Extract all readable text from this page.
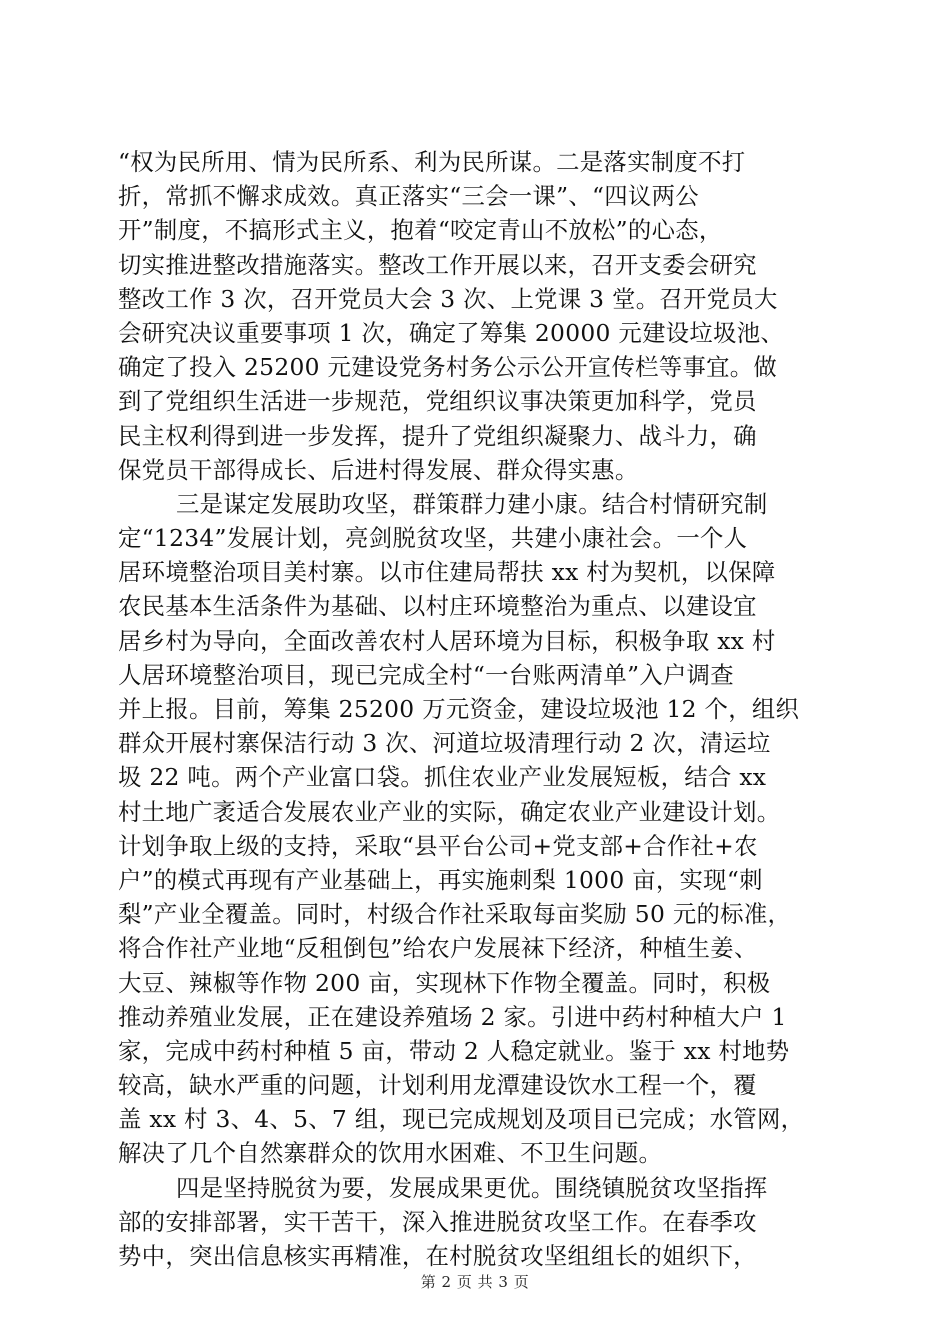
“权为民所用、情为民所系、利为民所谋。二是落实制度不打
折，常抓不懈求成效。真正落实“三会一课”、“四议两公
开”制度，不搞形式主义，抱着“咬定青山不放松”的心态，
切实推进整改措施落实。整改工作开展以来，召开支委会研究
整改工作 3 次，召开党员大会 3 次、上党课 3 堂。召开党员大
会研究决议重要事项 1 次，确定了筹集 20000 元建设垃圾池、
确定了投入 25200 元建设党务村务公示公开宣传栏等事宜。做
到了党组织生活进一步规范，党组织议事决策更加科学，党员
民主权利得到进一步发挥，提升了党组织凝聚力、战斗力，确
保党员干部得成长、后进村得发展、群众得实惠。
三是谋定发展助攻坚，群策群力建小康。结合村情研究制
定“1234”发展计划，亮剑脱贫攻坚，共建小康社会。一个人
居环境整治项目美村寨。以市住建局帮扶 xx 村为契机，以保障
农民基本生活条件为基础、以村庄环境整治为重点、以建设宜
居乡村为导向，全面改善农村人居环境为目标，积极争取 xx 村
人居环境整治项目，现已完成全村“一台账两清单”入户调查
并上报。目前，筹集 25200 万元资金，建设垃圾池 12 个，组织
群众开展村寨保洁行动 3 次、河道垃圾清理行动 2 次，清运垃
圾 22 吨。两个产业富口袋。抓住农业产业发展短板，结合 xx
村土地广袤适合发展农业产业的实际，确定农业产业建设计划。
计划争取上级的支持，采取“县平台公司+党支部+合作社+农
户”的模式再现有产业基础上，再实施刺梨 1000 亩，实现“刺
梨”产业全覆盖。同时，村级合作社采取每亩奖励 50 元的标准，
将合作社产业地“反租倒包”给农户发展袜下经济，种植生姜、
大豆、辣椒等作物 200 亩，实现林下作物全覆盖。同时，积极
推动养殖业发展，正在建设养殖场 2 家。引进中药村种植大户 1
家，完成中药村种植 5 亩，带动 2 人稳定就业。鉴于 xx 村地势
较高，缺水严重的问题，计划利用龙潭建设饮水工程一个，覆
盖 xx 村 3、4、5、7 组，现已完成规划及项目已完成；水管网，
解决了几个自然寨群众的饮用水困难、不卫生问题。
四是坚持脱贫为要，发展成果更优。围绕镇脱贫攻坚指挥
部的安排部署，实干苦干，深入推进脱贫攻坚工作。在春季攻
势中，突出信息核实再精准，在村脱贫攻坚组组长的姐织下，
第 2 页 共 3 页
